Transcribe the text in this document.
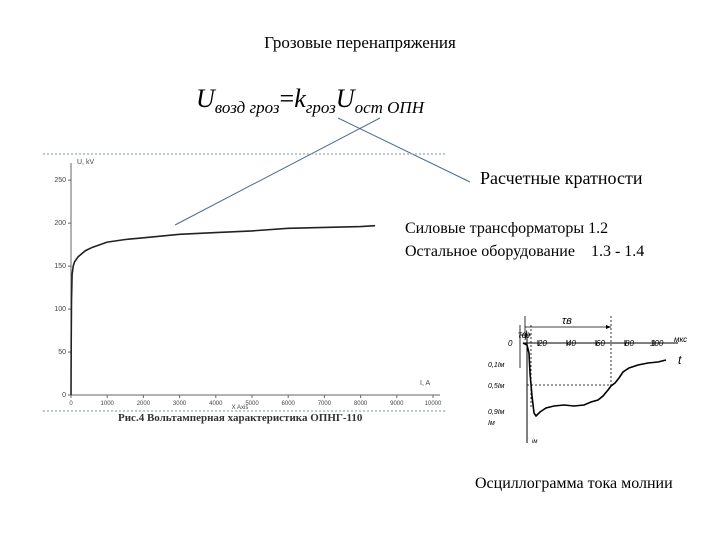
Грозовые перенапряжения
$U_{возд гроз}=k_{гроз}U_{ост ОПН}$
Расчетные кратности
Силовые трансформаторы 1.2
Остальное оборудование    1.3 - 1.4
Осциллограмма тока молнии
U, kV
I, A
X Axis
0
50
100
150
200
250
0	1000	2000	3000	4000	5000	6000	7000	8000	9000	10000
Рис.4 Вольтамперная характеристика ОПНГ-110
0	20	40	60	80 100 мкс
t
τф
τв
0,1Iм
0,5Iм
0,9Iм
Iм
iм
